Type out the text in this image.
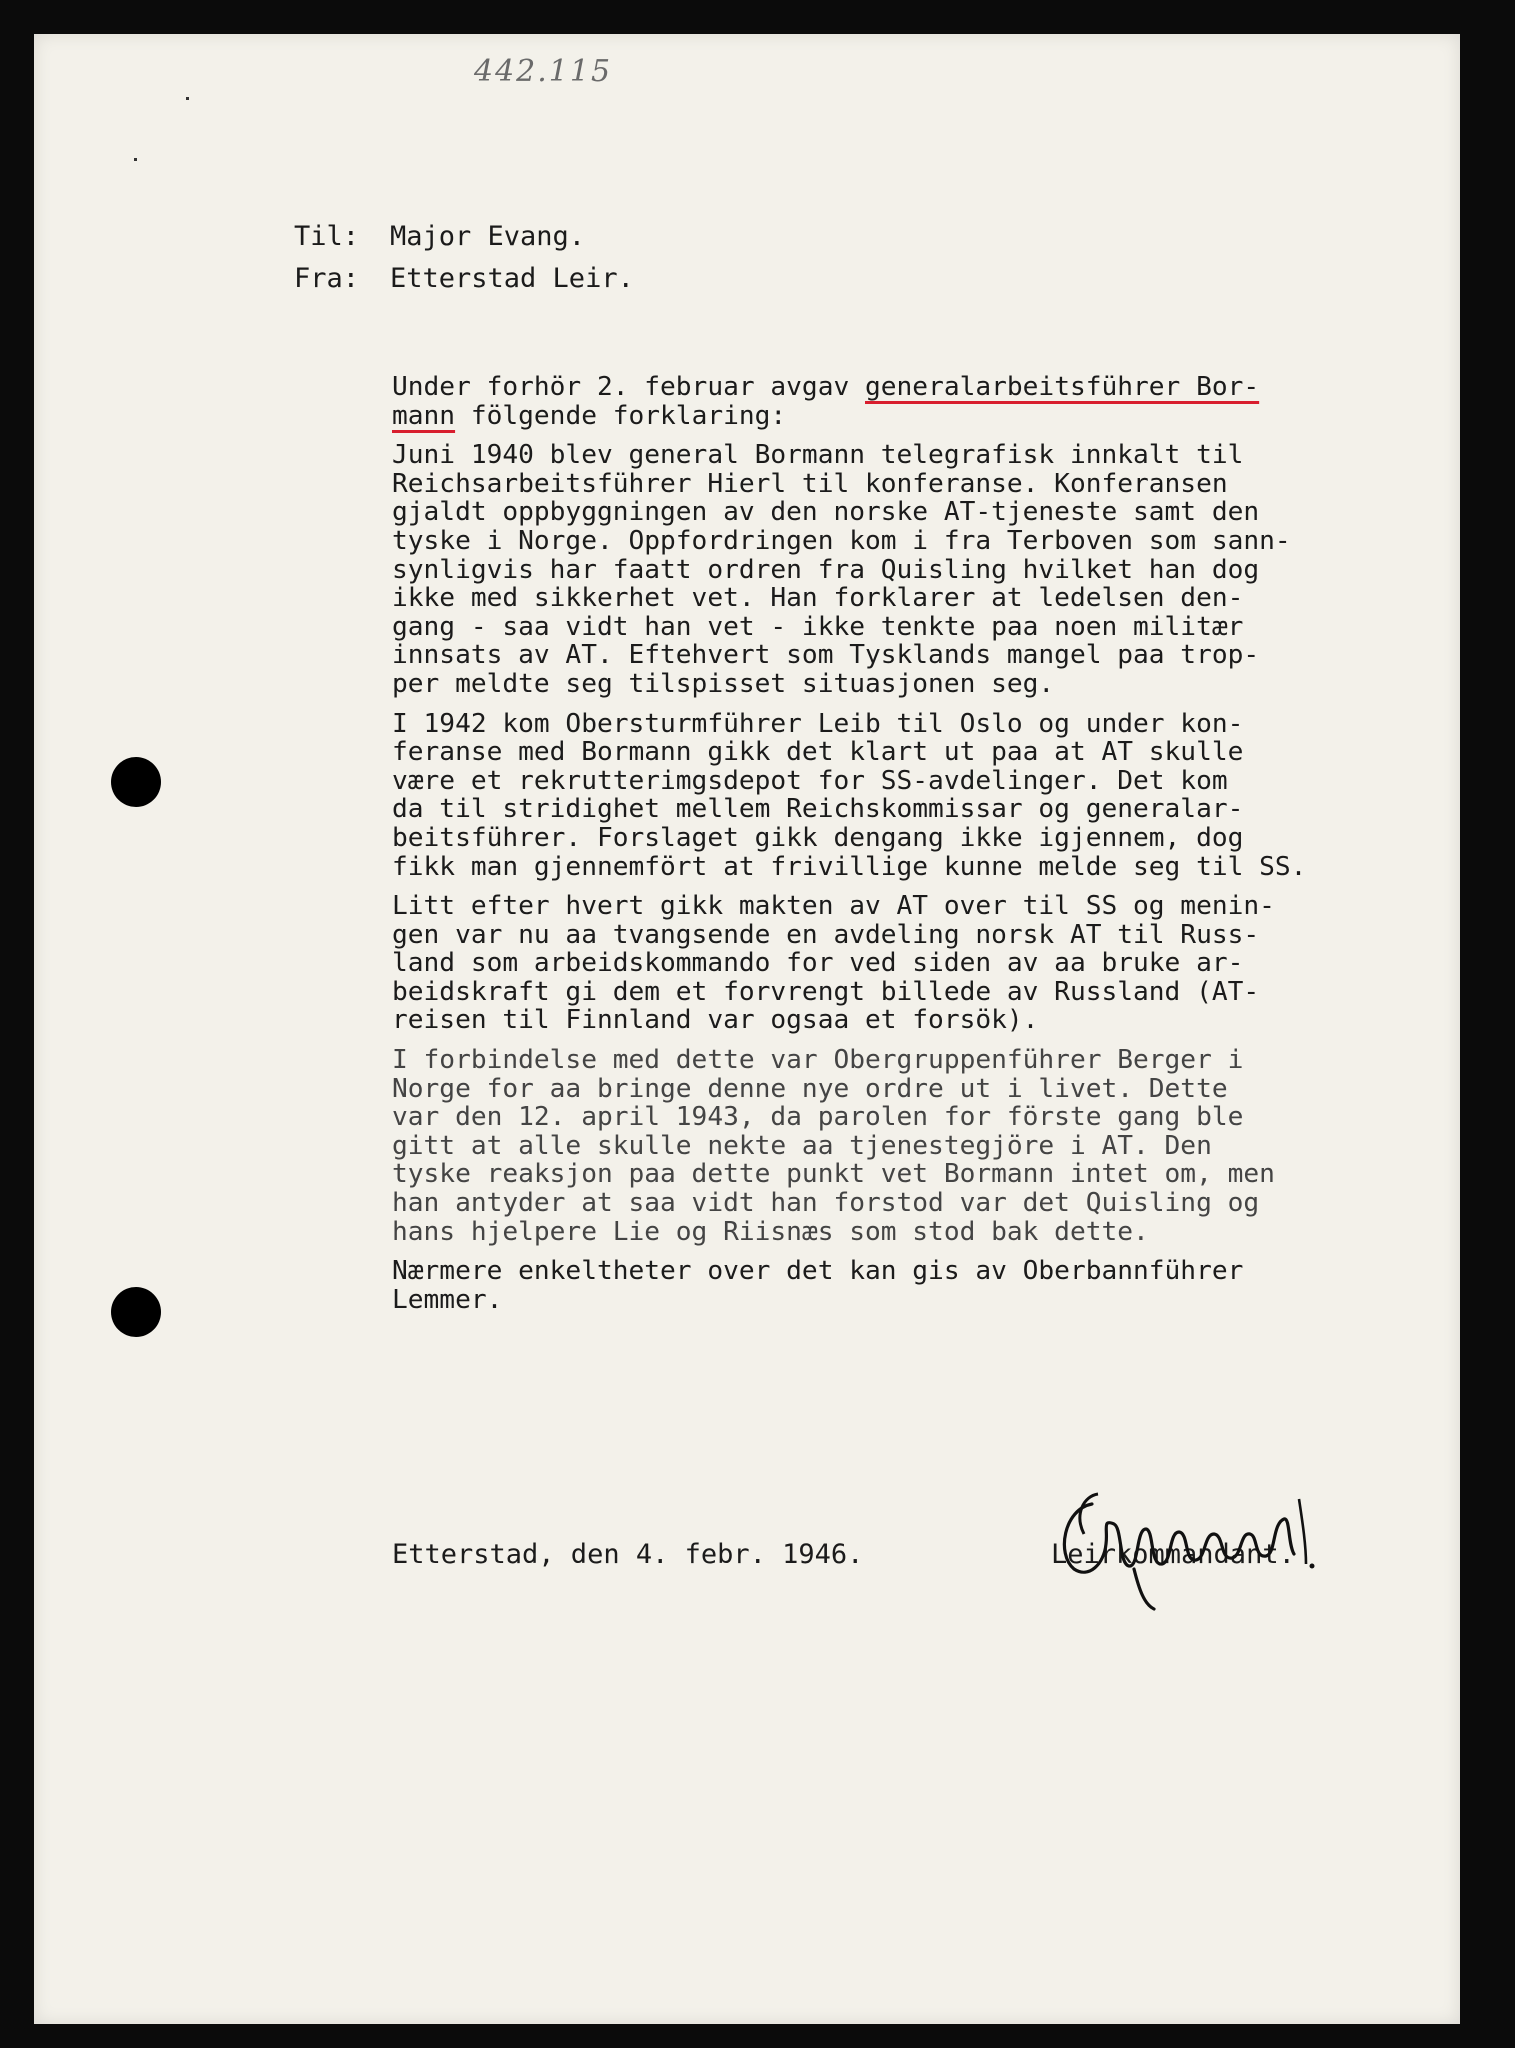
442.115
Til: Major Evang.
Fra: Etterstad Leir.
Under forhör 2. februar avgav generalarbeitsführer Bor-
mann fölgende forklaring:
Juni 1940 blev general Bormann telegrafisk innkalt til
Reichsarbeitsführer Hierl til konferanse. Konferansen
gjaldt oppbyggningen av den norske AT-tjeneste samt den
tyske i Norge. Oppfordringen kom i fra Terboven som sann-
synligvis har faatt ordren fra Quisling hvilket han dog
ikke med sikkerhet vet. Han forklarer at ledelsen den-
gang - saa vidt han vet - ikke tenkte paa noen militær
innsats av AT. Eftehvert som Tysklands mangel paa trop-
per meldte seg tilspisset situasjonen seg.
I 1942 kom Obersturmführer Leib til Oslo og under kon-
feranse med Bormann gikk det klart ut paa at AT skulle
være et rekrutterimgsdepot for SS-avdelinger. Det kom
da til stridighet mellem Reichskommissar og generalar-
beitsführer. Forslaget gikk dengang ikke igjennem, dog
fikk man gjennemfört at frivillige kunne melde seg til SS.
Litt efter hvert gikk makten av AT over til SS og menin-
gen var nu aa tvangsende en avdeling norsk AT til Russ-
land som arbeidskommando for ved siden av aa bruke ar-
beidskraft gi dem et forvrengt billede av Russland (AT-
reisen til Finnland var ogsaa et forsök).
I forbindelse med dette var Obergruppenführer Berger i
Norge for aa bringe denne nye ordre ut i livet. Dette
var den 12. april 1943, da parolen for förste gang ble
gitt at alle skulle nekte aa tjenestegjöre i AT. Den
tyske reaksjon paa dette punkt vet Bormann intet om, men
han antyder at saa vidt han forstod var det Quisling og
hans hjelpere Lie og Riisnæs som stod bak dette.
Nærmere enkeltheter over det kan gis av Oberbannführer
Lemmer.
Etterstad, den 4. febr. 1946.	Leirkommandant.
